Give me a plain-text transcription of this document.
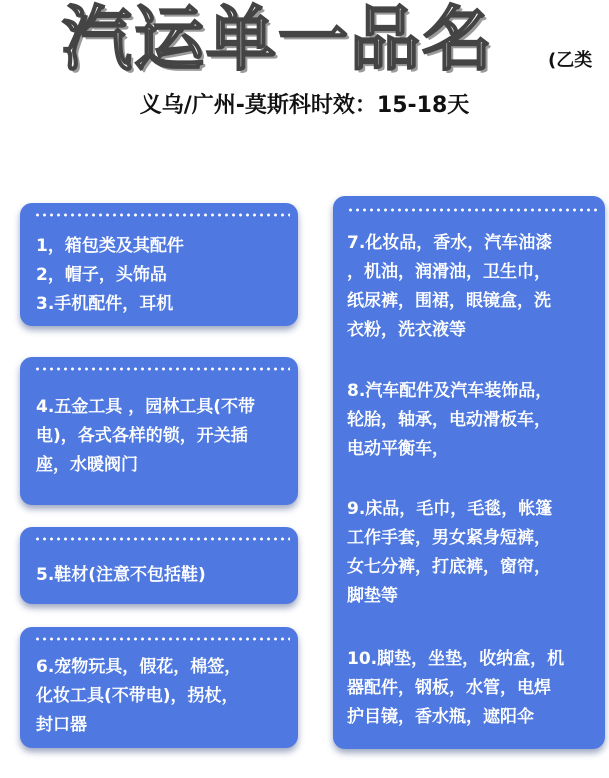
汽运单一品名	(乙类
义乌/广州-莫斯科时效：15-18天

1，箱包类及其配件

2，帽子，头饰品

3.手机配件，耳机

4.五金工具 ，园林工具(不带

电)，各式各样的锁，开关插

座，水暖阀门

5.鞋材(注意不包括鞋)

6.宠物玩具，假花，棉签，

化妆工具(不带电)，拐杖，

封口器

7.化妆品，香水，汽车油漆

，机油，润滑油，卫生巾，

纸尿裤，围裙，眼镜盒，洗

衣粉，洗衣液等

8.汽车配件及汽车装饰品，

轮胎，轴承，电动滑板车，

电动平衡车，

9.床品，毛巾，毛毯，帐篷

工作手套，男女紧身短裤，

女七分裤，打底裤，窗帘，

脚垫等

10.脚垫，坐垫，收纳盒，机

器配件，钢板，水管，电焊

护目镜，香水瓶，遮阳伞
